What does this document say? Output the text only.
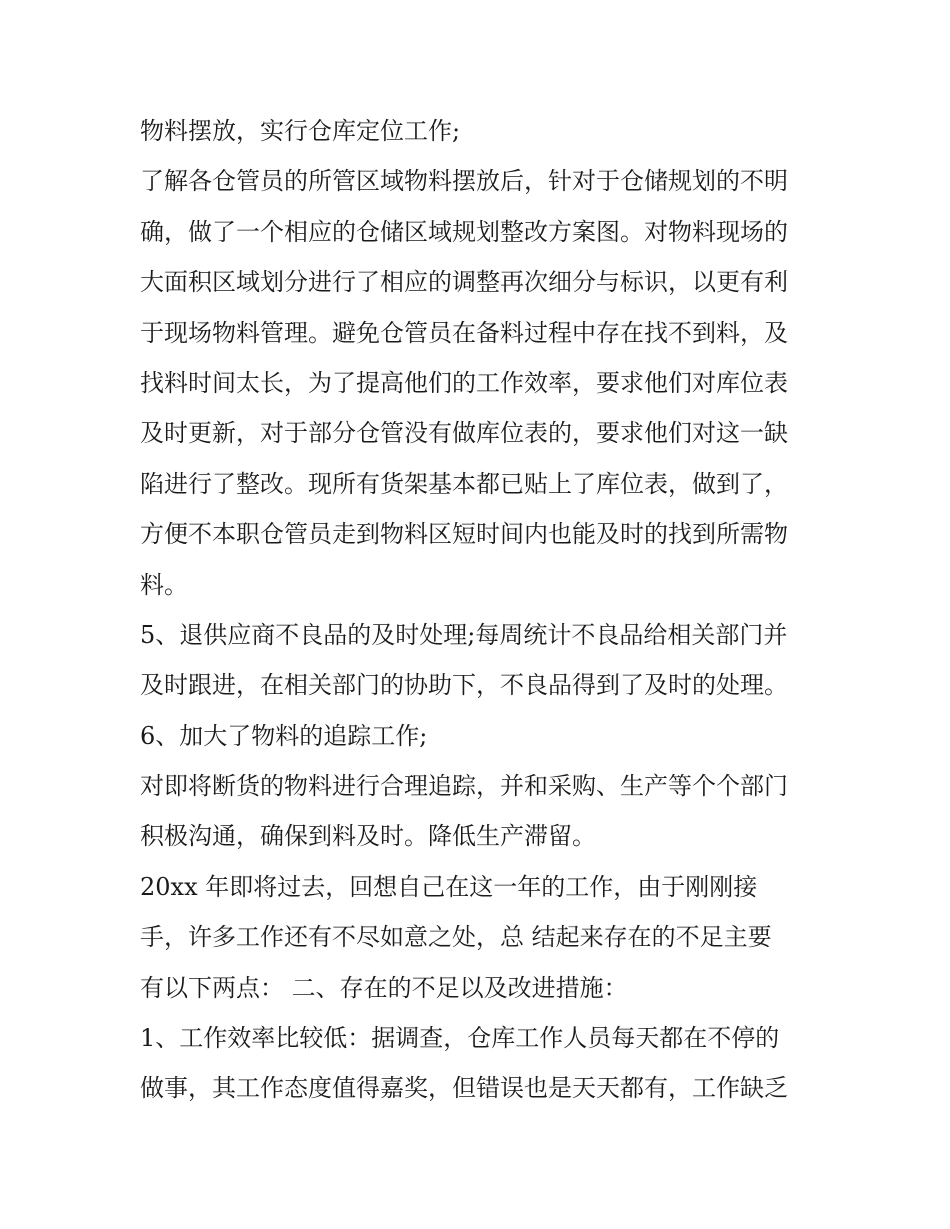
物料摆放，实行仓库定位工作;
了解各仓管员的所管区域物料摆放后，针对于仓储规划的不明
确，做了一个相应的仓储区域规划整改方案图。对物料现场的
大面积区域划分进行了相应的调整再次细分与标识，以更有利
于现场物料管理。避免仓管员在备料过程中存在找不到料，及
找料时间太长，为了提高他们的工作效率，要求他们对库位表
及时更新，对于部分仓管没有做库位表的，要求他们对这一缺
陷进行了整改。现所有货架基本都已贴上了库位表，做到了，
方便不本职仓管员走到物料区短时间内也能及时的找到所需物
料。
5、退供应商不良品的及时处理;每周统计不良品给相关部门并
及时跟进，在相关部门的协助下，不良品得到了及时的处理。
6、加大了物料的追踪工作;
对即将断货的物料进行合理追踪，并和采购、生产等个个部门
积极沟通，确保到料及时。降低生产滞留。
20xx 年即将过去，回想自己在这一年的工作，由于刚刚接
手，许多工作还有不尽如意之处，总 结起来存在的不足主要
有以下两点： 二、存在的不足以及改进措施：
1、工作效率比较低：据调查，仓库工作人员每天都在不停的
做事，其工作态度值得嘉奖，但错误也是天天都有，工作缺乏
